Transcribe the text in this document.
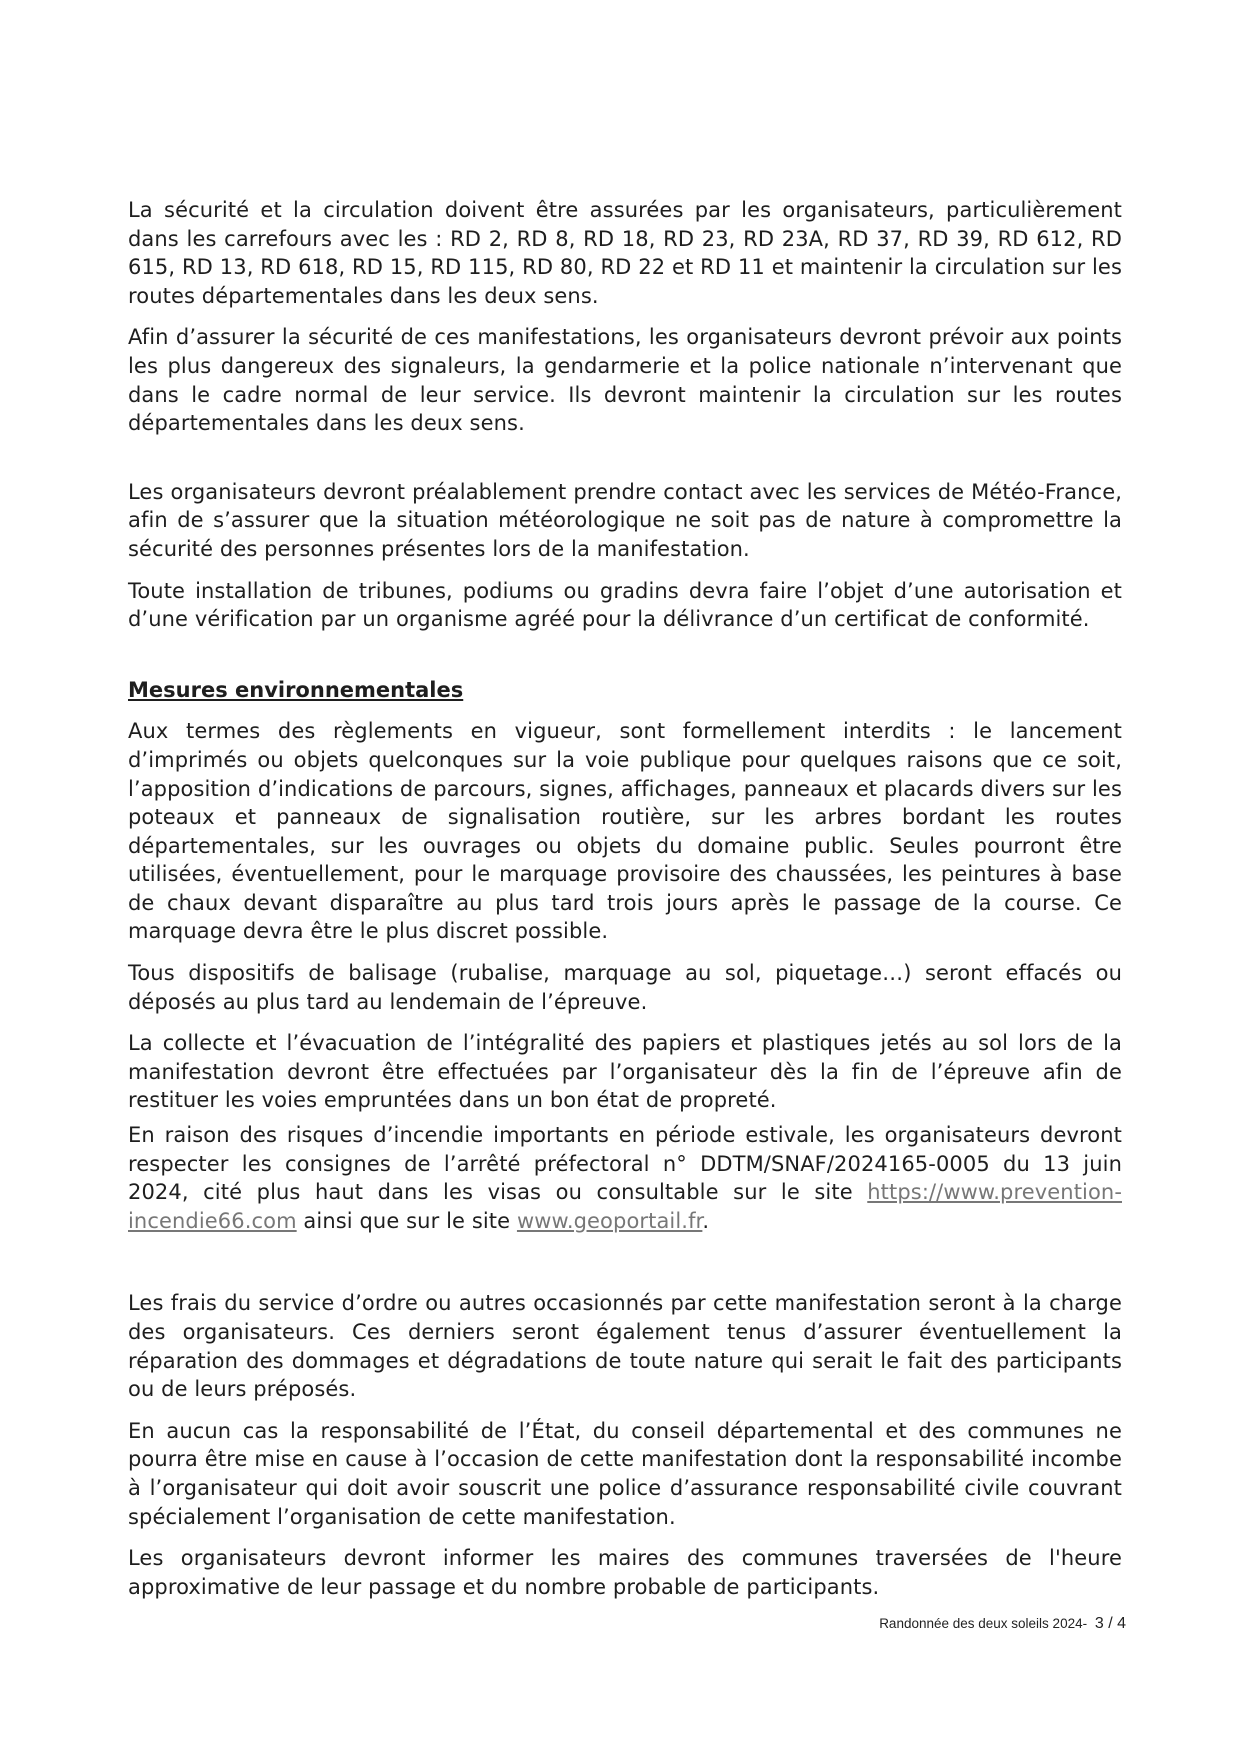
La sécurité et la circulation doivent être assurées par les organisateurs, particulièrement dans les carrefours avec les : RD 2, RD 8, RD 18, RD 23, RD 23A, RD 37, RD 39, RD 612, RD 615, RD 13, RD 618, RD 15, RD 115, RD 80, RD 22 et RD 11 et maintenir la circulation sur les routes départementales dans les deux sens.

Afin d’assurer la sécurité de ces manifestations, les organisateurs devront prévoir aux points les plus dangereux des signaleurs, la gendarmerie et la police nationale n’intervenant que dans le cadre normal de leur service. Ils devront maintenir la circulation sur les routes départementales dans les deux sens.

Les organisateurs devront préalablement prendre contact avec les services de Météo-France, afin de s’assurer que la situation météorologique ne soit pas de nature à compromettre la sécurité des personnes présentes lors de la manifestation.

Toute installation de tribunes, podiums ou gradins devra faire l’objet d’une autorisation et d’une vérification par un organisme agréé pour la délivrance d’un certificat de conformité.

Mesures environnementales

Aux termes des règlements en vigueur, sont formellement interdits : le lancement d’imprimés ou objets quelconques sur la voie publique pour quelques raisons que ce soit, l’apposition d’indications de parcours, signes, affichages, panneaux et placards divers sur les poteaux et panneaux de signalisation routière, sur les arbres bordant les routes départementales, sur les ouvrages ou objets du domaine public. Seules pourront être utilisées, éventuellement, pour le marquage provisoire des chaussées, les peintures à base de chaux devant disparaître au plus tard trois jours après le passage de la course. Ce marquage devra être le plus discret possible.

Tous dispositifs de balisage (rubalise, marquage au sol, piquetage…) seront effacés ou déposés au plus tard au lendemain de l’épreuve.

La collecte et l’évacuation de l’intégralité des papiers et plastiques jetés au sol lors de la manifestation devront être effectuées par l’organisateur dès la fin de l’épreuve afin de restituer les voies empruntées dans un bon état de propreté.

En raison des risques d’incendie importants en période estivale, les organisateurs devront respecter les consignes de l’arrêté préfectoral n° DDTM/SNAF/2024165-0005 du 13 juin 2024, cité plus haut dans les visas ou consultable sur le site https://www.prevention-incendie66.com ainsi que sur le site www.geoportail.fr.

Les frais du service d’ordre ou autres occasionnés par cette manifestation seront à la charge des organisateurs. Ces derniers seront également tenus d’assurer éventuellement la réparation des dommages et dégradations de toute nature qui serait le fait des participants ou de leurs préposés.

En aucun cas la responsabilité de l’État, du conseil départemental et des communes ne pourra être mise en cause à l’occasion de cette manifestation dont la responsabilité incombe à l’organisateur qui doit avoir souscrit une police d’assurance responsabilité civile couvrant spécialement l’organisation de cette manifestation.

Les organisateurs devront informer les maires des communes traversées de l'heure approximative de leur passage et du nombre probable de participants.

Randonnée des deux soleils 2024- 3 / 4
